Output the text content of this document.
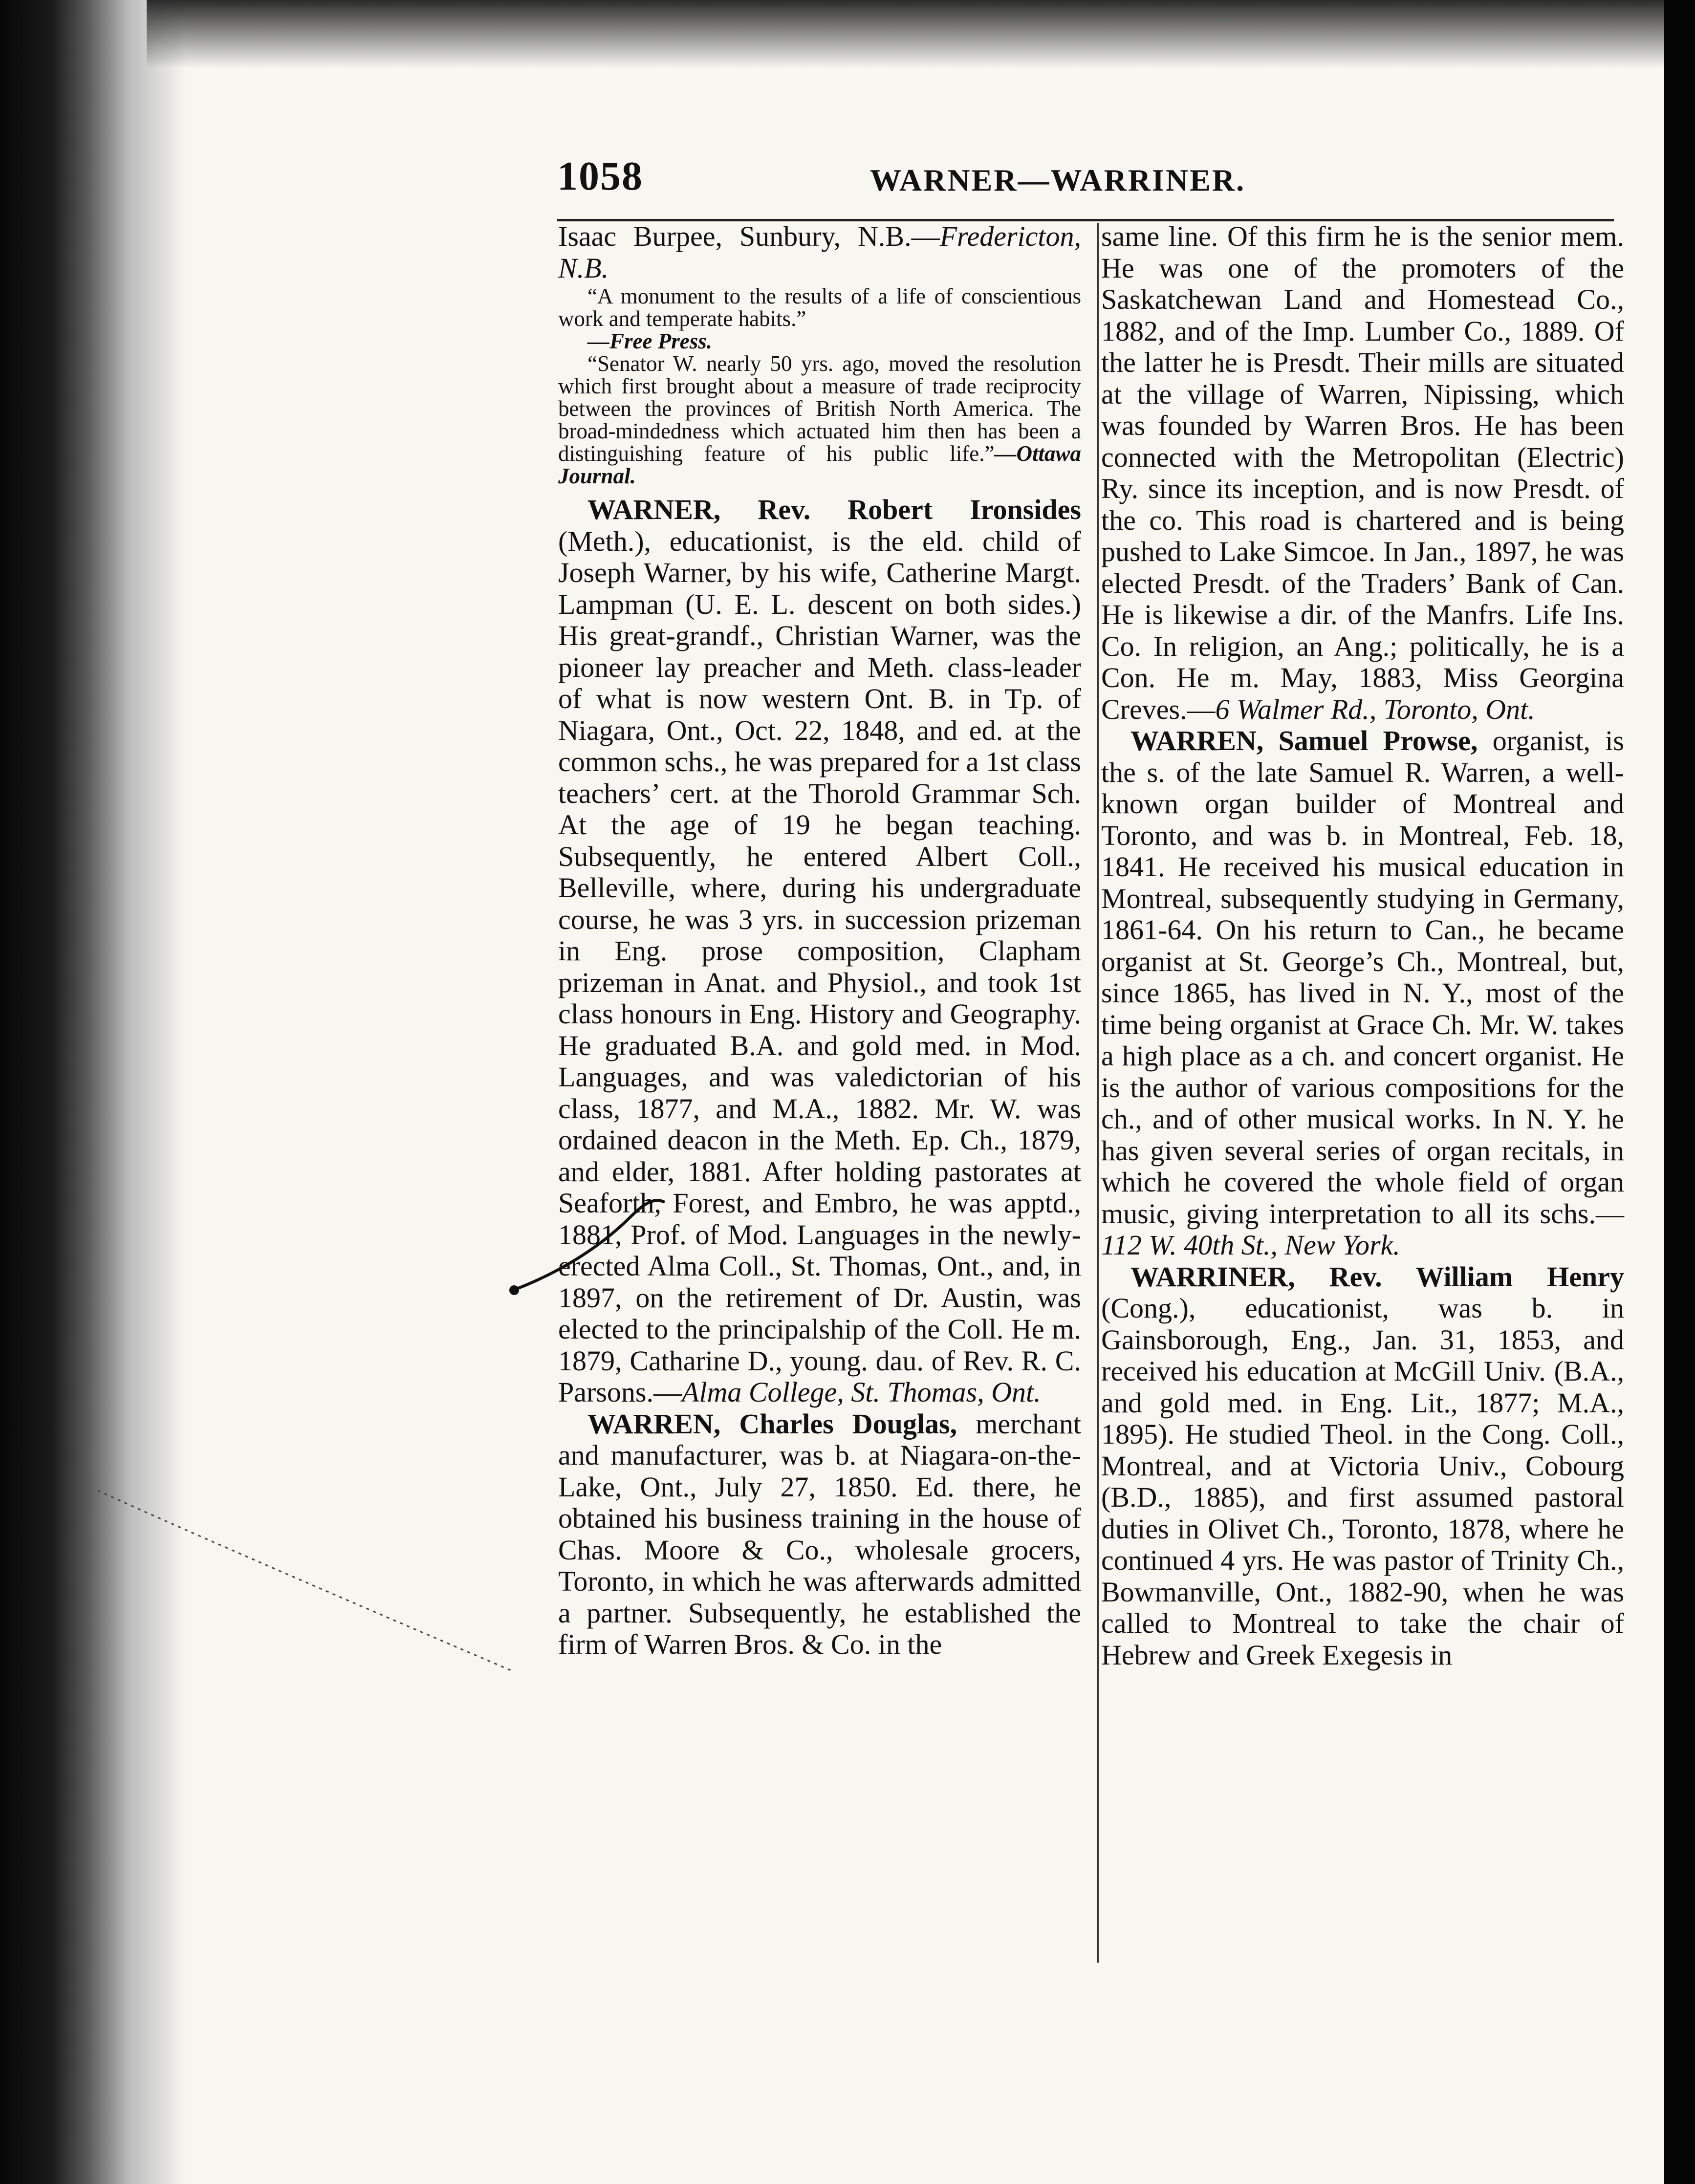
1058	WARNER—WARRINER.

Isaac Burpee, Sunbury, N.B.—Fredericton, N.B.

“A monument to the results of a life of conscientious work and temperate habits.”

—Free Press.

“Senator W. nearly 50 yrs. ago, moved the resolution which first brought about a measure of trade reciprocity between the provinces of British North America. The broad-mindedness which actuated him then has been a distinguishing feature of his public life.”—Ottawa Journal.

WARNER, Rev. Robert Ironsides (Meth.), educationist, is the eld. child of Joseph Warner, by his wife, Catherine Margt. Lampman (U. E. L. descent on both sides.) His great-grandf., Christian Warner, was the pioneer lay preacher and Meth. class-leader of what is now western Ont. B. in Tp. of Niagara, Ont., Oct. 22, 1848, and ed. at the common schs., he was prepared for a 1st class teachers’ cert. at the Thorold Grammar Sch. At the age of 19 he began teaching. Subsequently, he entered Albert Coll., Belleville, where, during his undergraduate course, he was 3 yrs. in succession prizeman in Eng. prose composition, Clapham prizeman in Anat. and Physiol., and took 1st class honours in Eng. History and Geography. He graduated B.A. and gold med. in Mod. Languages, and was valedictorian of his class, 1877, and M.A., 1882. Mr. W. was ordained deacon in the Meth. Ep. Ch., 1879, and elder, 1881. After holding pastorates at Seaforth, Forest, and Embro, he was apptd., 1881, Prof. of Mod. Languages in the newly-erected Alma Coll., St. Thomas, Ont., and, in 1897, on the retirement of Dr. Austin, was elected to the principalship of the Coll. He m. 1879, Catharine D., young. dau. of Rev. R. C. Parsons.—Alma College, St. Thomas, Ont.

WARREN, Charles Douglas, merchant and manufacturer, was b. at Niagara-on-the-Lake, Ont., July 27, 1850. Ed. there, he obtained his business training in the house of Chas. Moore & Co., wholesale grocers, Toronto, in which he was afterwards admitted a partner. Subsequently, he established the firm of Warren Bros. & Co. in the

same line. Of this firm he is the senior mem. He was one of the promoters of the Saskatchewan Land and Homestead Co., 1882, and of the Imp. Lumber Co., 1889. Of the latter he is Presdt. Their mills are situated at the village of Warren, Nipissing, which was founded by Warren Bros. He has been connected with the Metropolitan (Electric) Ry. since its inception, and is now Presdt. of the co. This road is chartered and is being pushed to Lake Simcoe. In Jan., 1897, he was elected Presdt. of the Traders’ Bank of Can. He is likewise a dir. of the Manfrs. Life Ins. Co. In religion, an Ang.; politically, he is a Con. He m. May, 1883, Miss Georgina Creves.—6 Walmer Rd., Toronto, Ont.

WARREN, Samuel Prowse, organist, is the s. of the late Samuel R. Warren, a well-known organ builder of Montreal and Toronto, and was b. in Montreal, Feb. 18, 1841. He received his musical education in Montreal, subsequently studying in Germany, 1861-64. On his return to Can., he became organist at St. George’s Ch., Montreal, but, since 1865, has lived in N. Y., most of the time being organist at Grace Ch. Mr. W. takes a high place as a ch. and concert organist. He is the author of various compositions for the ch., and of other musical works. In N. Y. he has given several series of organ recitals, in which he covered the whole field of organ music, giving interpretation to all its schs.—112 W. 40th St., New York.

WARRINER, Rev. William Henry (Cong.), educationist, was b. in Gainsborough, Eng., Jan. 31, 1853, and received his education at McGill Univ. (B.A., and gold med. in Eng. Lit., 1877; M.A., 1895). He studied Theol. in the Cong. Coll., Montreal, and at Victoria Univ., Cobourg (B.D., 1885), and first assumed pastoral duties in Olivet Ch., Toronto, 1878, where he continued 4 yrs. He was pastor of Trinity Ch., Bowmanville, Ont., 1882-90, when he was called to Montreal to take the chair of Hebrew and Greek Exegesis in
